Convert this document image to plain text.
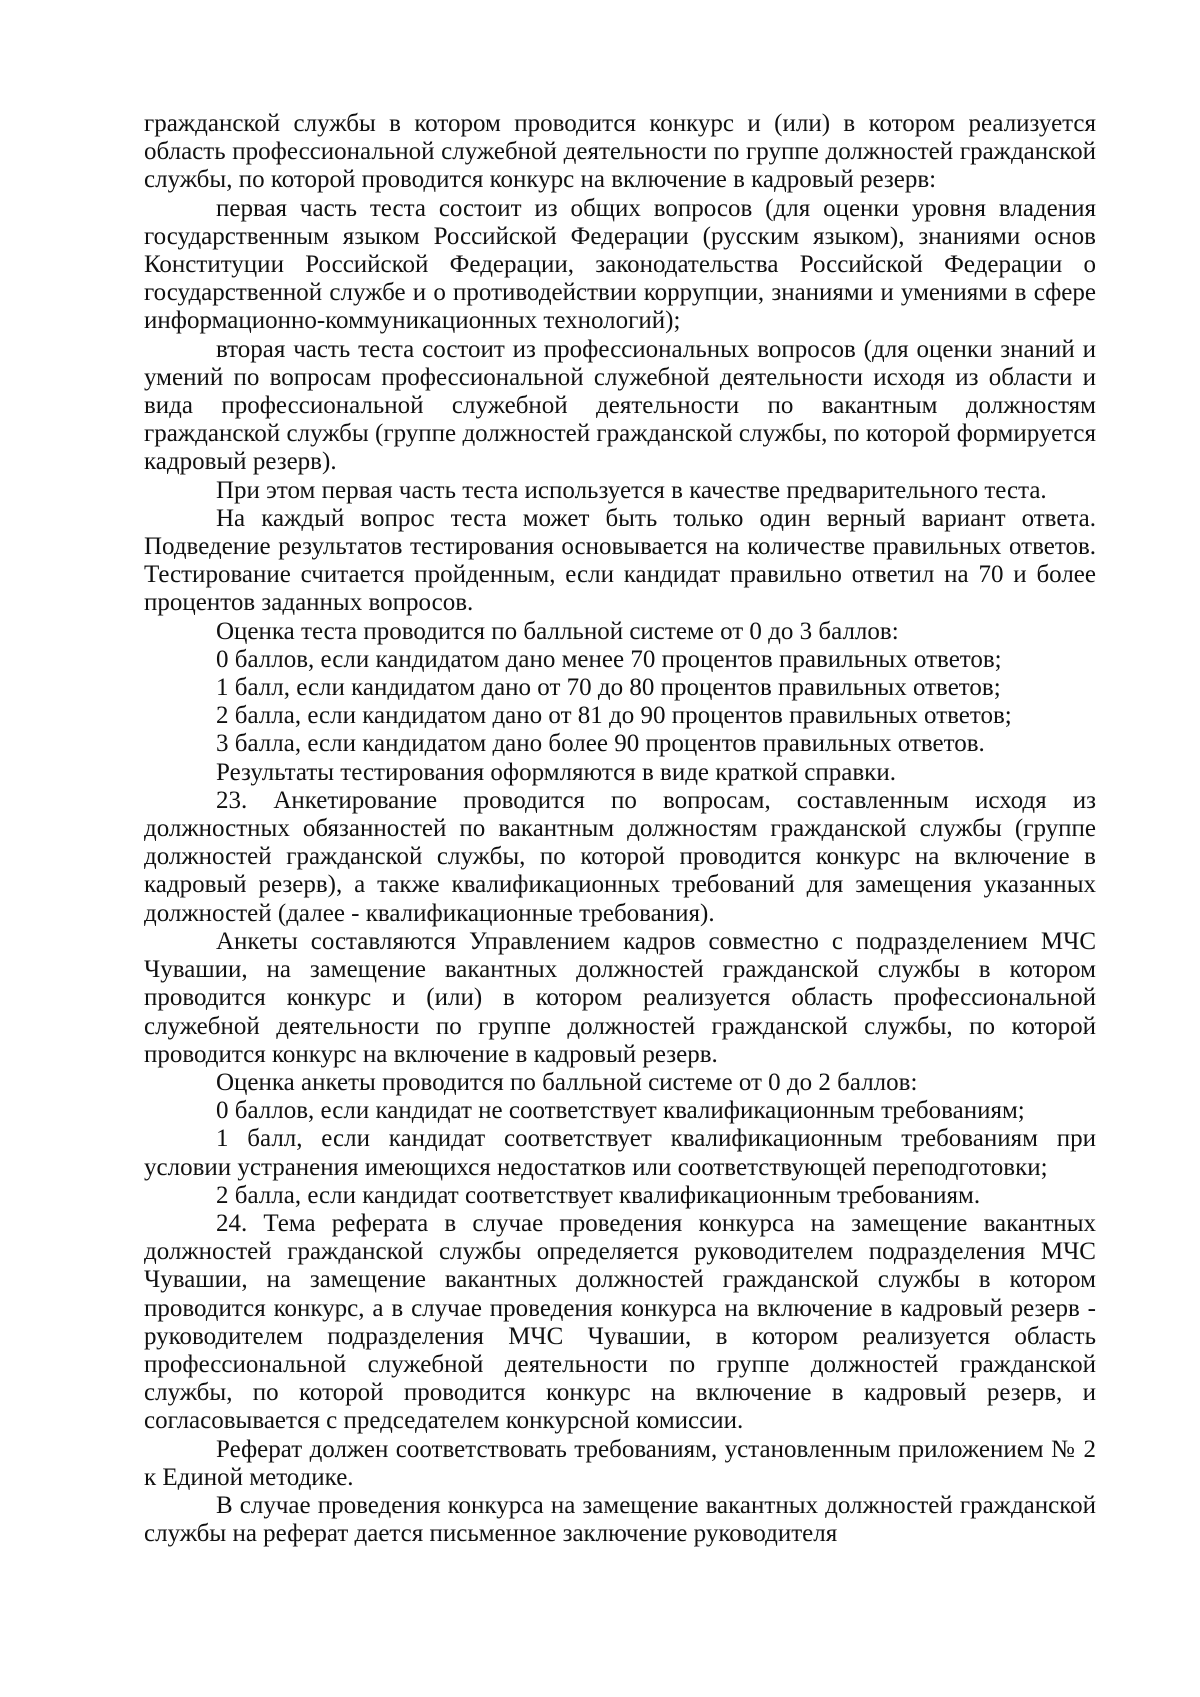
гражданской службы в котором проводится конкурс и (или) в котором реализуется область профессиональной служебной деятельности по группе должностей гражданской службы, по которой проводится конкурс на включение в кадровый резерв:

первая часть теста состоит из общих вопросов (для оценки уровня владения государственным языком Российской Федерации (русским языком), знаниями основ Конституции Российской Федерации, законодательства Российской Федерации о государственной службе и о противодействии коррупции, знаниями и умениями в сфере информационно-коммуникационных технологий);

вторая часть теста состоит из профессиональных вопросов (для оценки знаний и умений по вопросам профессиональной служебной деятельности исходя из области и вида профессиональной служебной деятельности по вакантным должностям гражданской службы (группе должностей гражданской службы, по которой формируется кадровый резерв).

При этом первая часть теста используется в качестве предварительного теста.

На каждый вопрос теста может быть только один верный вариант ответа. Подведение результатов тестирования основывается на количестве правильных ответов. Тестирование считается пройденным, если кандидат правильно ответил на 70 и более процентов заданных вопросов.

Оценка теста проводится по балльной системе от 0 до 3 баллов:

0 баллов, если кандидатом дано менее 70 процентов правильных ответов;

1 балл, если кандидатом дано от 70 до 80 процентов правильных ответов;

2 балла, если кандидатом дано от 81 до 90 процентов правильных ответов;

3 балла, если кандидатом дано более 90 процентов правильных ответов.

Результаты тестирования оформляются в виде краткой справки.

23. Анкетирование проводится по вопросам, составленным исходя из должностных обязанностей по вакантным должностям гражданской службы (группе должностей гражданской службы, по которой проводится конкурс на включение в кадровый резерв), а также квалификационных требований для замещения указанных должностей (далее - квалификационные требования).

Анкеты составляются Управлением кадров совместно с подразделением МЧС Чувашии, на замещение вакантных должностей гражданской службы в котором проводится конкурс и (или) в котором реализуется область профессиональной служебной деятельности по группе должностей гражданской службы, по которой проводится конкурс на включение в кадровый резерв.

Оценка анкеты проводится по балльной системе от 0 до 2 баллов:

0 баллов, если кандидат не соответствует квалификационным требованиям;

1 балл, если кандидат соответствует квалификационным требованиям при условии устранения имеющихся недостатков или соответствующей переподготовки;

2 балла, если кандидат соответствует квалификационным требованиям.

24. Тема реферата в случае проведения конкурса на замещение вакантных должностей гражданской службы определяется руководителем подразделения МЧС Чувашии, на замещение вакантных должностей гражданской службы в котором проводится конкурс, а в случае проведения конкурса на включение в кадровый резерв - руководителем подразделения МЧС Чувашии, в котором реализуется область профессиональной служебной деятельности по группе должностей гражданской службы, по которой проводится конкурс на включение в кадровый резерв, и согласовывается с председателем конкурсной комиссии.

Реферат должен соответствовать требованиям, установленным приложением № 2 к Единой методике.

В случае проведения конкурса на замещение вакантных должностей гражданской службы на реферат дается письменное заключение руководителя
